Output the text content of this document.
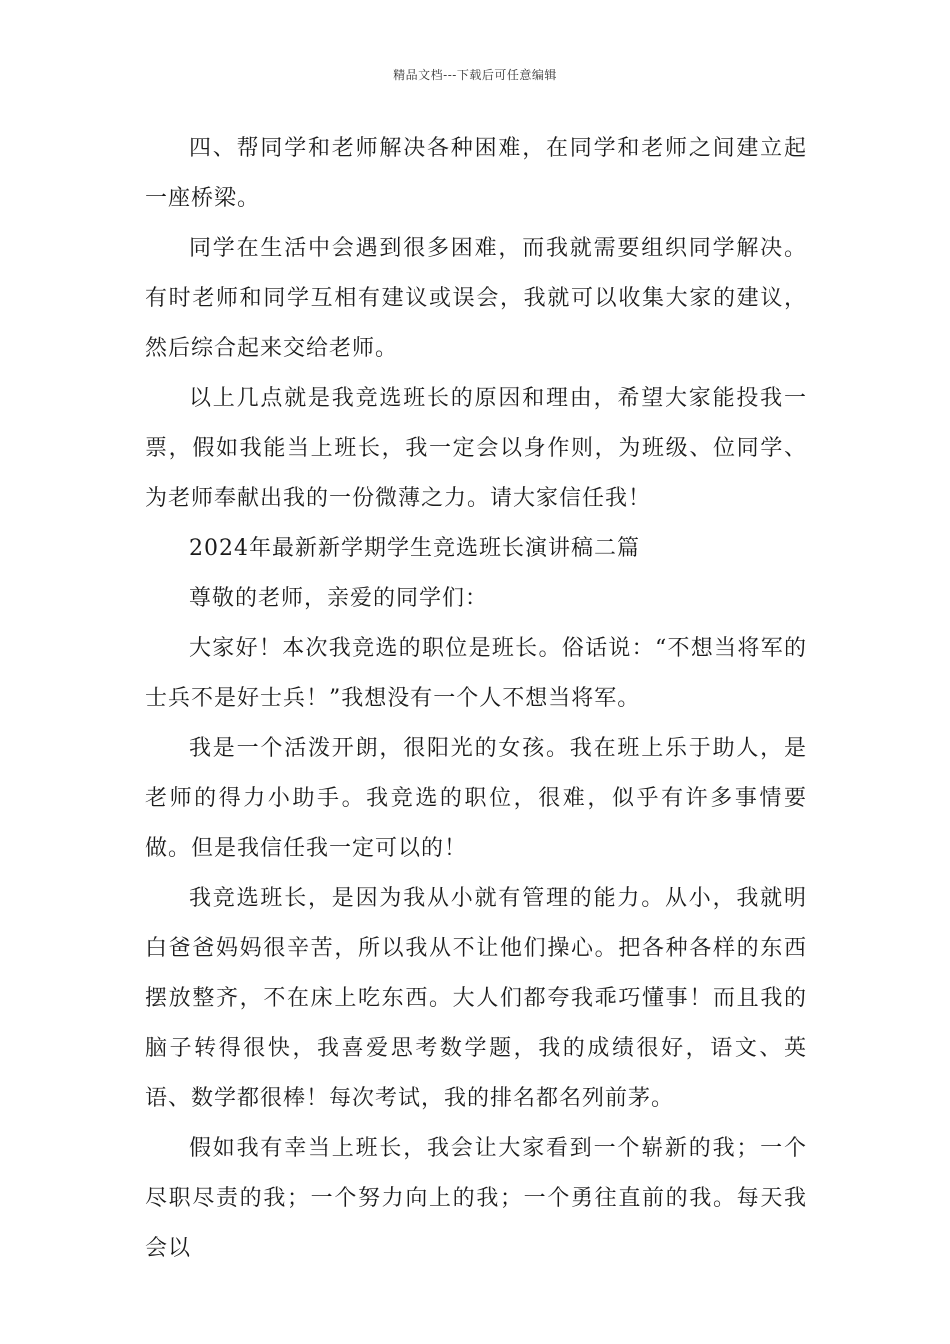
精品文档---下载后可任意编辑

四、帮同学和老师解决各种困难，在同学和老师之间建立起一座桥梁。

同学在生活中会遇到很多困难，而我就需要组织同学解决。有时老师和同学互相有建议或误会，我就可以收集大家的建议，然后综合起来交给老师。

以上几点就是我竞选班长的原因和理由，希望大家能投我一票，假如我能当上班长，我一定会以身作则，为班级、位同学、为老师奉献出我的一份微薄之力。请大家信任我！

2024年最新新学期学生竞选班长演讲稿二篇

尊敬的老师，亲爱的同学们：

大家好！本次我竞选的职位是班长。俗话说：“不想当将军的士兵不是好士兵！”我想没有一个人不想当将军。

我是一个活泼开朗，很阳光的女孩。我在班上乐于助人，是老师的得力小助手。我竞选的职位，很难，似乎有许多事情要做。但是我信任我一定可以的！

我竞选班长，是因为我从小就有管理的能力。从小，我就明白爸爸妈妈很辛苦，所以我从不让他们操心。把各种各样的东西摆放整齐，不在床上吃东西。大人们都夸我乖巧懂事！而且我的脑子转得很快，我喜爱思考数学题，我的成绩很好，语文、英语、数学都很棒！每次考试，我的排名都名列前茅。

假如我有幸当上班长，我会让大家看到一个崭新的我；一个尽职尽责的我；一个努力向上的我；一个勇往直前的我。每天我会以
